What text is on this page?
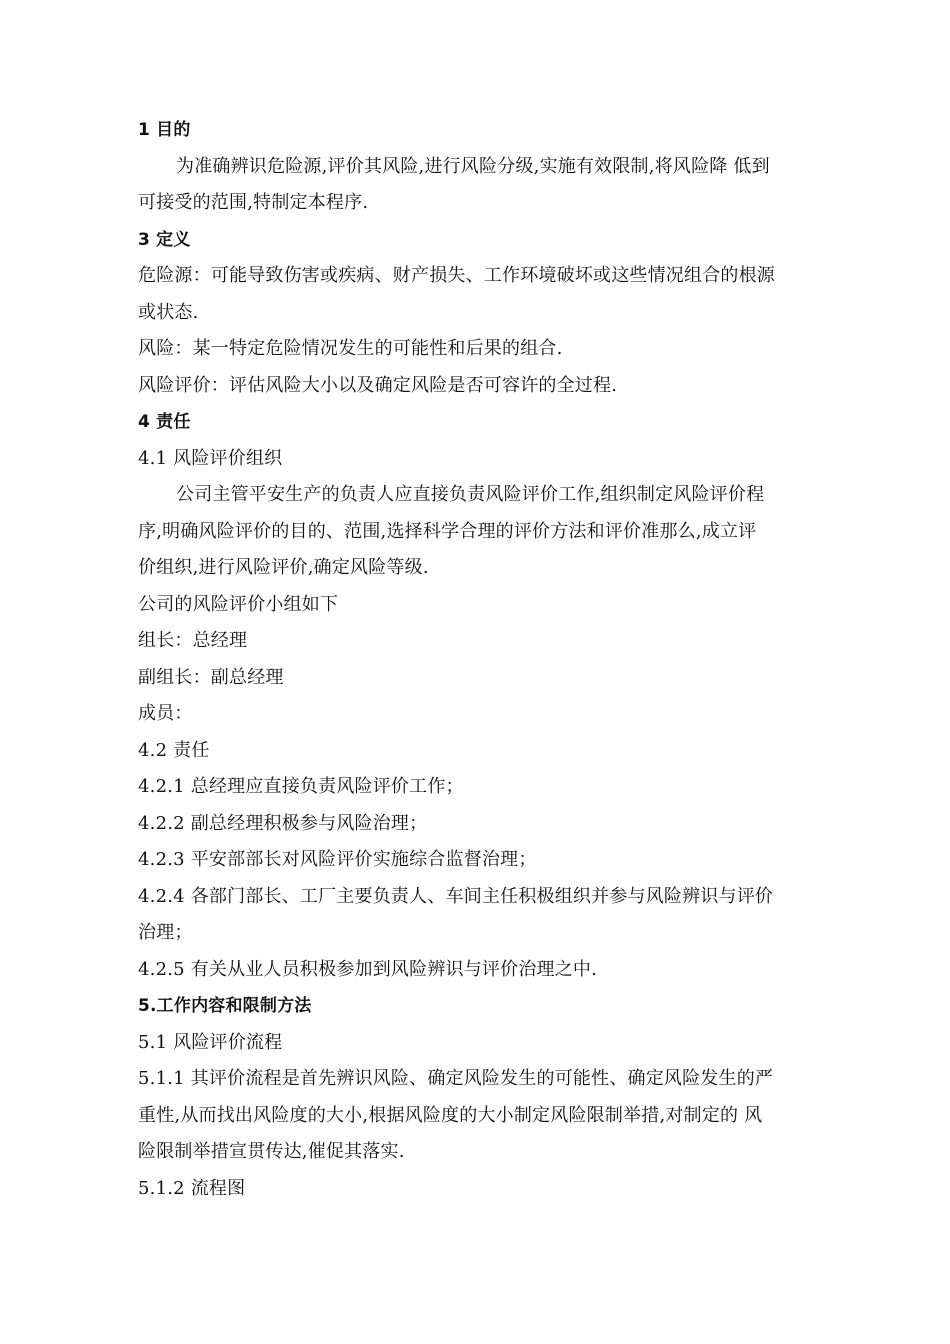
1 目的
为准确辨识危险源,评价其风险,进行风险分级,实施有效限制,将风险降 低到
可接受的范围,特制定本程序.
3 定义
危险源：可能导致伤害或疾病、财产损失、工作环境破坏或这些情况组合的根源
或状态.
风险：某一特定危险情况发生的可能性和后果的组合.
风险评价：评估风险大小以及确定风险是否可容许的全过程.
4 责任
4.1 风险评价组织
公司主管平安生产的负责人应直接负责风险评价工作,组织制定风险评价程
序,明确风险评价的目的、范围,选择科学合理的评价方法和评价准那么,成立评
价组织,进行风险评价,确定风险等级.
公司的风险评价小组如下
组长：总经理
副组长：副总经理
成员：
4.2 责任
4.2.1 总经理应直接负责风险评价工作；
4.2.2 副总经理积极参与风险治理；
4.2.3 平安部部长对风险评价实施综合监督治理；
4.2.4 各部门部长、工厂主要负责人、车间主任积极组织并参与风险辨识与评价
治理；
4.2.5 有关从业人员积极参加到风险辨识与评价治理之中.
5.工作内容和限制方法
5.1 风险评价流程
5.1.1 其评价流程是首先辨识风险、确定风险发生的可能性、确定风险发生的严
重性,从而找出风险度的大小,根据风险度的大小制定风险限制举措,对制定的 风
险限制举措宣贯传达,催促其落实.
5.1.2 流程图
